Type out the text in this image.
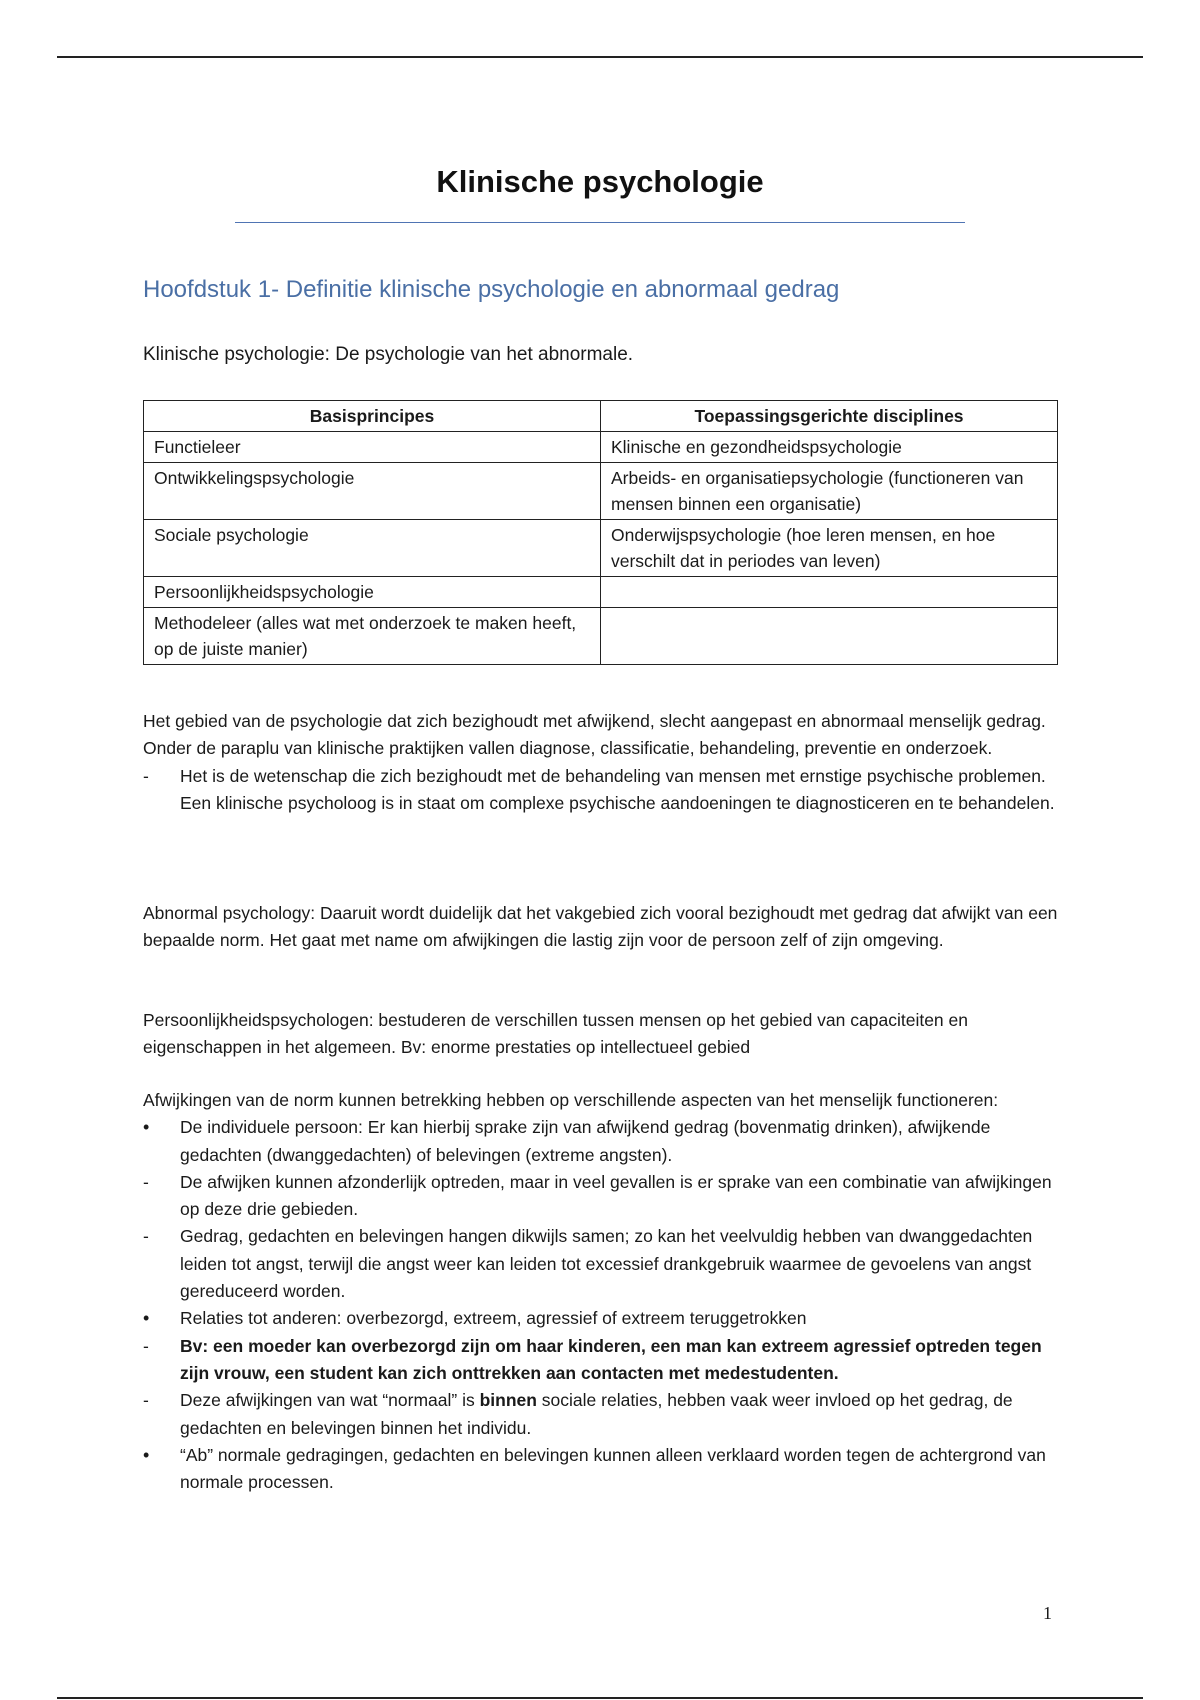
Klinische psychologie
Hoofdstuk 1- Definitie klinische psychologie en abnormaal gedrag
Klinische psychologie: De psychologie van het abnormale.
Basisprincipes	Toepassingsgerichte disciplines
Functieleer	Klinische en gezondheidspsychologie
Ontwikkelingspsychologie	Arbeids- en organisatiepsychologie (functioneren van mensen binnen een organisatie)
Sociale psychologie	Onderwijspsychologie (hoe leren mensen, en hoe verschilt dat in periodes van leven)
Persoonlijkheidspsychologie	
Methodeleer (alles wat met onderzoek te maken heeft, op de juiste manier)	

Het gebied van de psychologie dat zich bezighoudt met afwijkend, slecht aangepast en abnormaal menselijk gedrag. Onder de paraplu van klinische praktijken vallen diagnose, classificatie, behandeling, preventie en onderzoek.

-	Het is de wetenschap die zich bezighoudt met de behandeling van mensen met ernstige psychische problemen. Een klinische psycholoog is in staat om complexe psychische aandoeningen te diagnosticeren en te behandelen.

Abnormal psychology: Daaruit wordt duidelijk dat het vakgebied zich vooral bezighoudt met gedrag dat afwijkt van een bepaalde norm. Het gaat met name om afwijkingen die lastig zijn voor de persoon zelf of zijn omgeving.

Persoonlijkheidspsychologen: bestuderen de verschillen tussen mensen op het gebied van capaciteiten en eigenschappen in het algemeen. Bv: enorme prestaties op intellectueel gebied

Afwijkingen van de norm kunnen betrekking hebben op verschillende aspecten van het menselijk functioneren:

•	De individuele persoon: Er kan hierbij sprake zijn van afwijkend gedrag (bovenmatig drinken), afwijkende gedachten (dwanggedachten) of belevingen (extreme angsten).
-	De afwijken kunnen afzonderlijk optreden, maar in veel gevallen is er sprake van een combinatie van afwijkingen op deze drie gebieden.
-	Gedrag, gedachten en belevingen hangen dikwijls samen; zo kan het veelvuldig hebben van dwanggedachten leiden tot angst, terwijl die angst weer kan leiden tot excessief drankgebruik waarmee de gevoelens van angst gereduceerd worden.
•	Relaties tot anderen: overbezorgd, extreem, agressief of extreem teruggetrokken
-	Bv: een moeder kan overbezorgd zijn om haar kinderen, een man kan extreem agressief optreden tegen zijn vrouw, een student kan zich onttrekken aan contacten met medestudenten.
-	Deze afwijkingen van wat “normaal” is binnen sociale relaties, hebben vaak weer invloed op het gedrag, de gedachten en belevingen binnen het individu.
•	“Ab” normale gedragingen, gedachten en belevingen kunnen alleen verklaard worden tegen de achtergrond van normale processen.
1
